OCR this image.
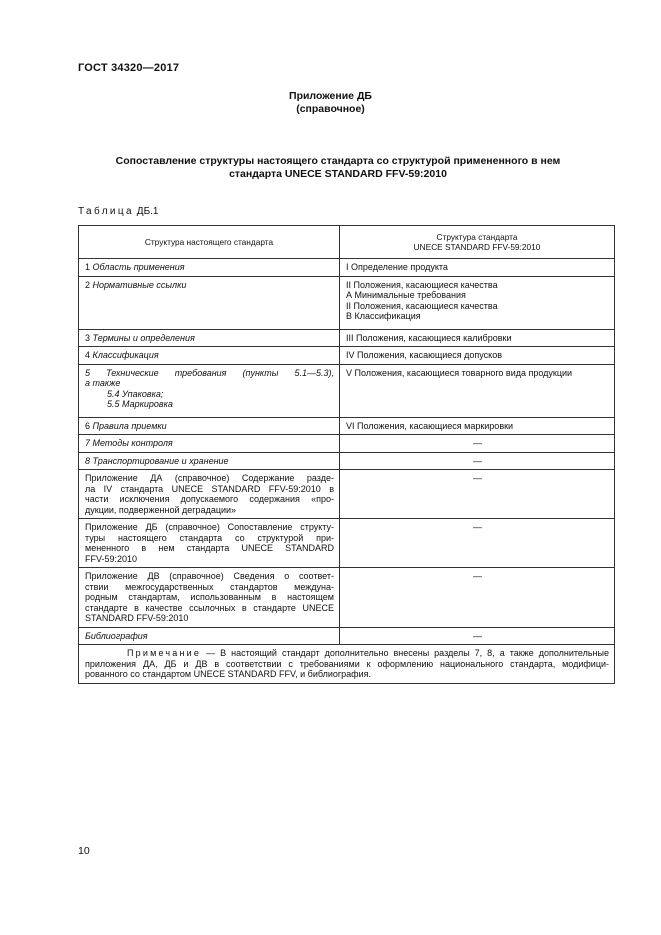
ГОСТ 34320—2017
Приложение ДБ
(справочное)
Сопоставление структуры настоящего стандарта со структурой примененного в нем
стандарта UNECE STANDARD FFV-59:2010
Таблица ДБ.1
Структура настоящего стандарта	Структура стандарта
UNECE STANDARD FFV-59:2010

1 Область применения	I Определение продукта

2 Нормативные ссылки	II Положения, касающиеся качества
А Минимальные требования
II Положения, касающиеся качества
В Классификация

3 Термины и определения	III Положения, касающиеся калибровки

4 Классификация	IV Положения, касающиеся допусков

5 Технические требования (пункты 5.1—5.3),
а также
5.4 Упаковка;
5.5 Маркировка	V Положения, касающиеся товарного вида продукции

6 Правила приемки	VI Положения, касающиеся маркировки

7 Методы контроля	—
8 Транспортирование и хранение	—

Приложение ДА (справочное) Содержание разде-
ла IV стандарта UNECE STANDARD FFV-59:2010 в
части исключения допускаемого содержания «про-
дукции, подверженной деградации»	—

Приложение ДБ (справочное) Сопоставление структу-
туры настоящего стандарта со структурой при-
мененного в нем стандарта UNECE STANDARD
FFV-59:2010	—

Приложение ДВ (справочное) Сведения о соответ-
ствии межгосударственных стандартов междуна-
родным стандартам, использованным в настоящем
стандарте в качестве ссылочных в стандарте UNECE
STANDARD FFV-59:2010	—
Библиография	—

Примечание — В настоящий стандарт дополнительно внесены разделы 7, 8, а также дополнительные
приложения ДА, ДБ и ДВ в соответствии с требованиями к оформлению национального стандарта, модифици-
рованного со стандартом UNECE STANDARD FFV, и библиография.	
10
